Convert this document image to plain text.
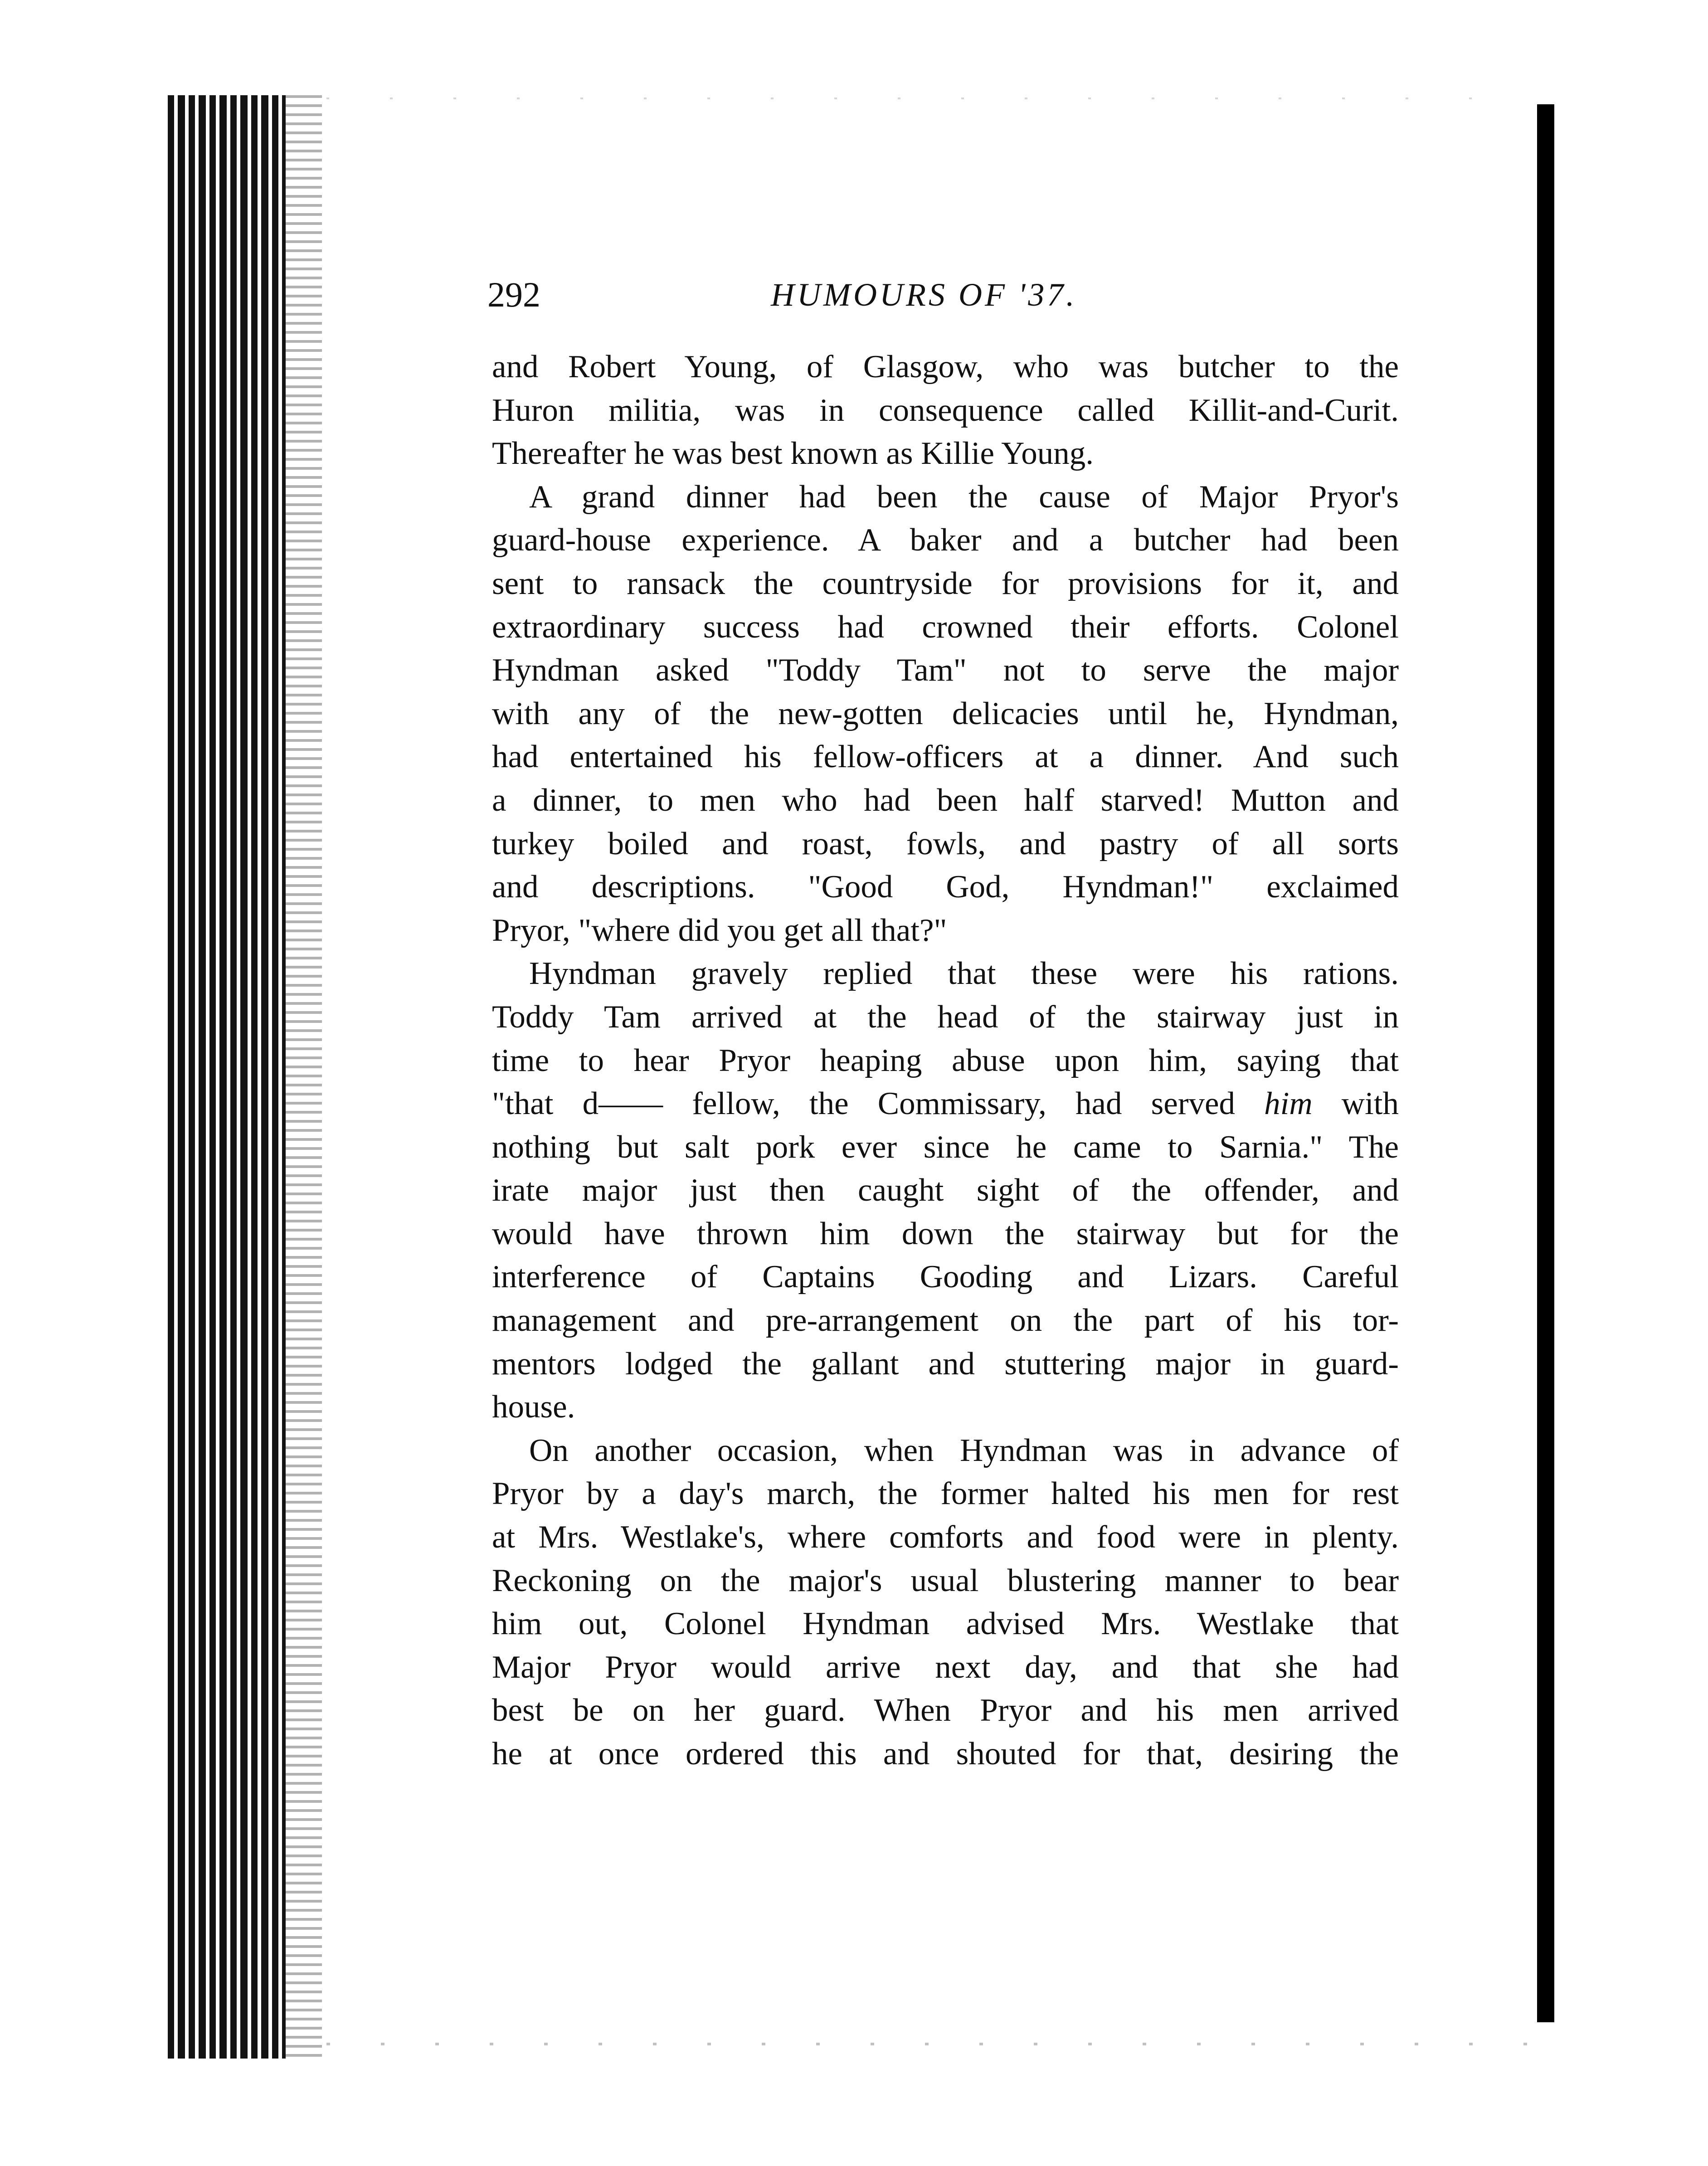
292	HUMOURS OF '37.

and Robert Young, of Glasgow, who was butcher to the
Huron militia, was in consequence called Killit-and-Curit.
Thereafter he was best known as Killie Young.

A grand dinner had been the cause of Major Pryor's
guard-house experience. A baker and a butcher had been
sent to ransack the countryside for provisions for it, and
extraordinary success had crowned their efforts. Colonel
Hyndman asked "Toddy Tam" not to serve the major
with any of the new-gotten delicacies until he, Hyndman,
had entertained his fellow-officers at a dinner. And such
a dinner, to men who had been half starved! Mutton and
turkey boiled and roast, fowls, and pastry of all sorts
and descriptions. "Good God, Hyndman!" exclaimed
Pryor, "where did you get all that?"

Hyndman gravely replied that these were his rations.
Toddy Tam arrived at the head of the stairway just in
time to hear Pryor heaping abuse upon him, saying that
"that d—— fellow, the Commissary, had served him with
nothing but salt pork ever since he came to Sarnia." The
irate major just then caught sight of the offender, and
would have thrown him down the stairway but for the
interference of Captains Gooding and Lizars. Careful
management and pre-arrangement on the part of his tor-
mentors lodged the gallant and stuttering major in guard-
house.

On another occasion, when Hyndman was in advance of
Pryor by a day's march, the former halted his men for rest
at Mrs. Westlake's, where comforts and food were in plenty.
Reckoning on the major's usual blustering manner to bear
him out, Colonel Hyndman advised Mrs. Westlake that
Major Pryor would arrive next day, and that she had
best be on her guard. When Pryor and his men arrived
he at once ordered this and shouted for that, desiring the
